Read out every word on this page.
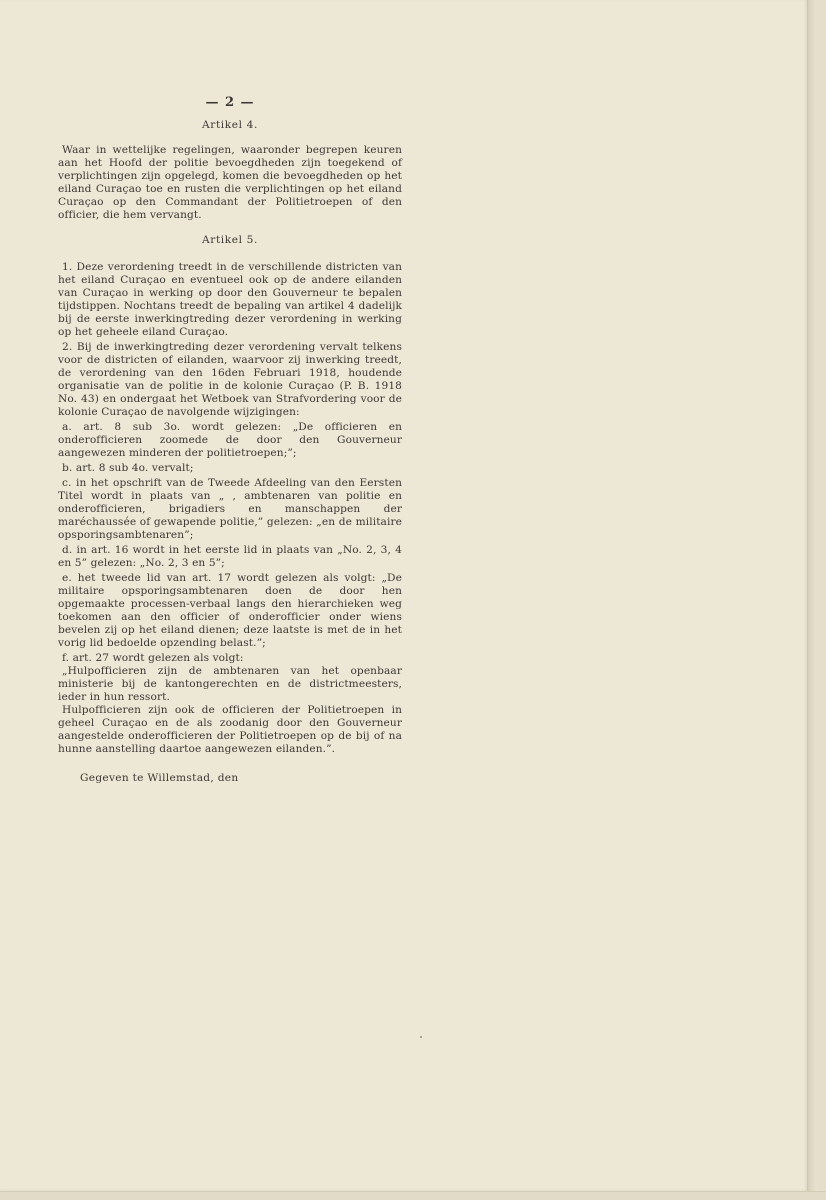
— 2 —
Artikel 4.

Waar in wettelijke regelingen, waaronder begrepen keuren aan het Hoofd der politie bevoegdheden zijn toegekend of verplichtingen zijn opgelegd, komen die bevoegdheden op het eiland Curaçao toe en rusten die verplichtingen op het eiland Curaçao op den Commandant der Politietroepen of den officier, die hem vervangt.

Artikel 5.

1. Deze verordening treedt in de verschillende districten van het eiland Curaçao en eventueel ook op de andere eilanden van Curaçao in werking op door den Gouverneur te bepalen tijdstippen. Nochtans treedt de bepaling van artikel 4 dadelijk bij de eerste inwerkingtreding dezer verordening in werking op het geheele eiland Curaçao.

2. Bij de inwerkingtreding dezer verordening vervalt telkens voor de districten of eilanden, waarvoor zij inwerking treedt, de verordening van den 16den Februari 1918, houdende organisatie van de politie in de kolonie Curaçao (P. B. 1918 No. 43) en ondergaat het Wetboek van Strafvordering voor de kolonie Curaçao de navolgende wijzigingen:

a. art. 8 sub 3o. wordt gelezen: „De officieren en onderofficieren zoomede de door den Gouverneur aangewezen minderen der politietroepen;”;

b. art. 8 sub 4o. vervalt;

c. in het opschrift van de Tweede Afdeeling van den Eersten Titel wordt in plaats van „ , ambtenaren van politie en onderofficieren, brigadiers en manschappen der maréchaussée of gewapende politie,” gelezen: „en de militaire opsporingsambtenaren”;

d. in art. 16 wordt in het eerste lid in plaats van „No. 2, 3, 4 en 5” gelezen: „No. 2, 3 en 5”;

e. het tweede lid van art. 17 wordt gelezen als volgt: „De militaire opsporingsambtenaren doen de door hen opgemaakte processen-verbaal langs den hierarchieken weg toekomen aan den officier of onderofficier onder wiens bevelen zij op het eiland dienen; deze laatste is met de in het vorig lid bedoelde opzending belast.”;

f. art. 27 wordt gelezen als volgt:

„Hulpofficieren zijn de ambtenaren van het openbaar ministerie bij de kantongerechten en de districtmeesters, ieder in hun ressort.

Hulpofficieren zijn ook de officieren der Politietroepen in geheel Curaçao en de als zoodanig door den Gouverneur aangestelde onderofficieren der Politietroepen op de bij of na hunne aanstelling daartoe aangewezen eilanden.”.

Gegeven te Willemstad, den
